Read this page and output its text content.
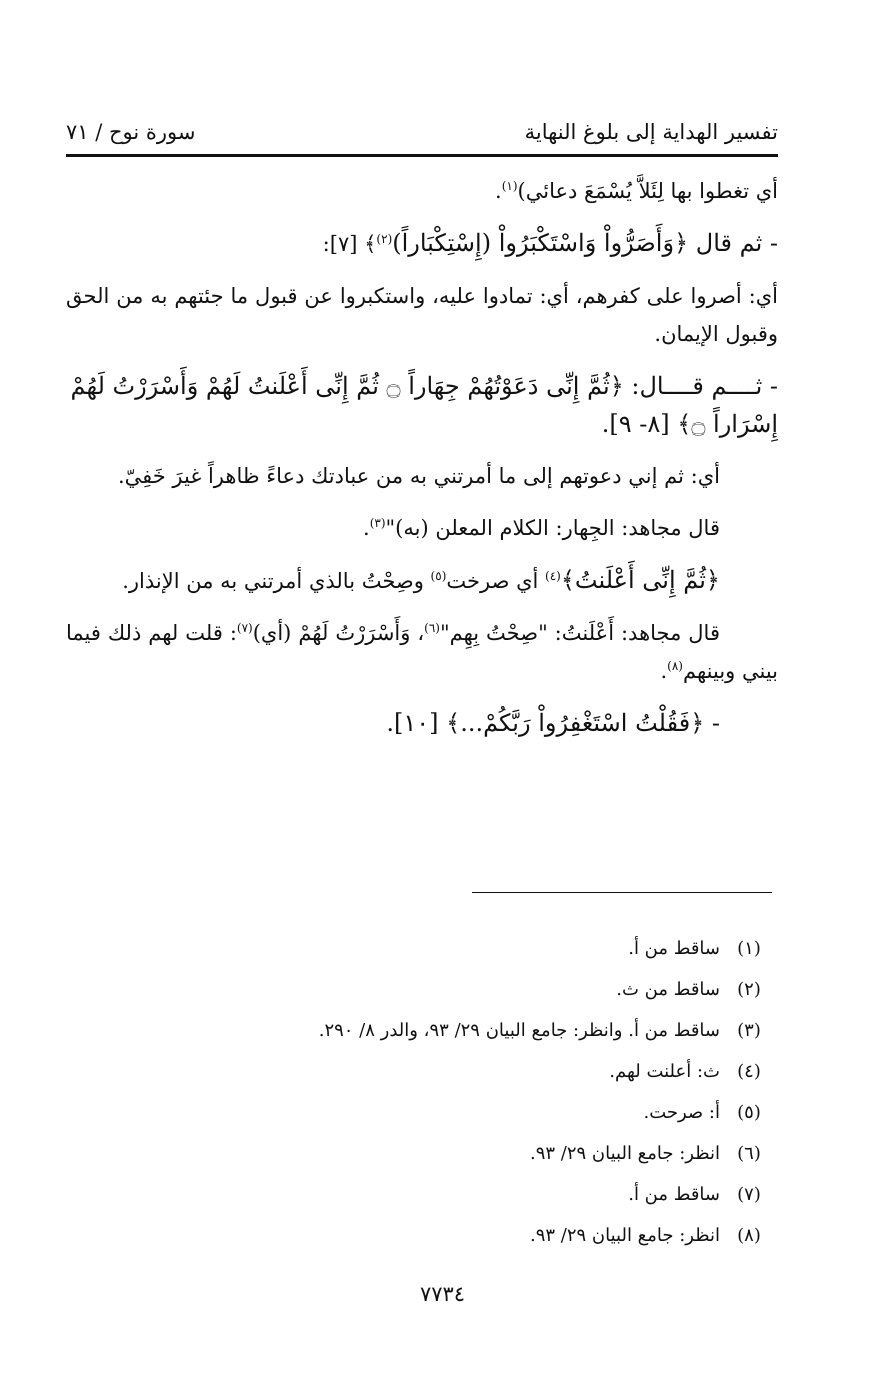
تفسير الهداية إلى بلوغ النهاية
سورة نوح / ٧١

أي تغطوا بها لِئَلاَّ يُسْمَعَ دعائي)$^{(١)}$.

- ثم قال ﴿وَأَصَرُّواْ وَاسْتَكْبَرُواْ (إِسْتِكْبَاراً)$^{(٢)}$﴾ [٧]:

أي: أصروا على كفرهم، أي: تمادوا عليه، واستكبروا عن قبول ما جئتهم به من الحق وقبول الإيمان.

- ثــــم قــــال: ﴿ثُمَّ إِنِّى دَعَوْتُهُمْ جِهَاراً ۝ ثُمَّ إِنِّى أَعْلَنتُ لَهُمْ وَأَسْرَرْتُ لَهُمْ إِسْرَاراً ۝﴾ [٨- ٩].

أي: ثم إني دعوتهم إلى ما أمرتني به من عبادتك دعاءً ظاهراً غيرَ خَفِيّ.

قال مجاهد: الجِهار: الكلام المعلن (به)"$^{(٣)}$.

﴿ثُمَّ إِنِّى أَعْلَنتُ﴾$^{(٤)}$ أي صرخت$^{(٥)}$ وصِحْتُ بالذي أمرتني به من الإنذار.

قال مجاهد: أَعْلَنتُ: "صِحْتُ بِهِم"$^{(٦)}$، وَأَسْرَرْتُ لَهُمْ (أي)$^{(٧)}$: قلت لهم ذلك فيما بيني وبينهم$^{(٨)}$.

- ﴿فَقُلْتُ اسْتَغْفِرُواْ رَبَّكُمْ...﴾ [١٠].

(١)
ساقط من أ.
(٢)
ساقط من ث.
(٣)
ساقط من أ. وانظر: جامع البيان ٢٩/ ٩٣، والدر ٨/ ٢٩٠.
(٤)
ث: أعلنت لهم.
(٥)
أ: صرحت.
(٦)
انظر: جامع البيان ٢٩/ ٩٣.
(٧)
ساقط من أ.
(٨)
انظر: جامع البيان ٢٩/ ٩٣.
٧٧٣٤
